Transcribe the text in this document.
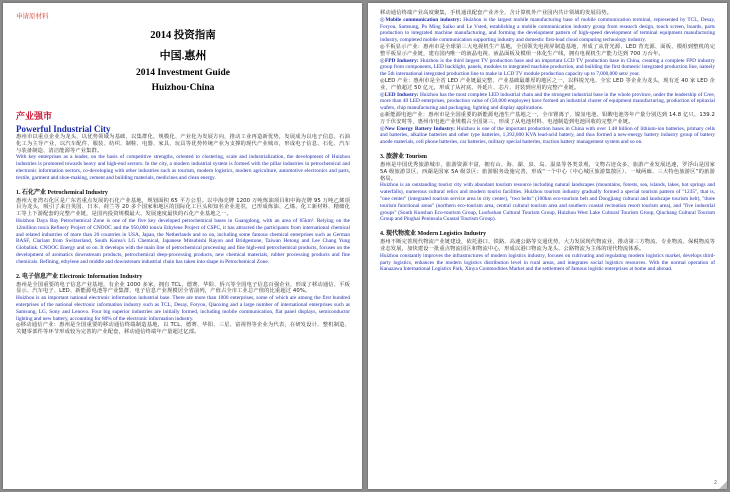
申请原材料
2014 投资指南
中国.惠州
2014 Investment Guide
Huizhou·China
产业强市
Powerful Industrial City

惠州市以重点企业为龙头，以优势领域为基础，以集群化、规模化、产业化为发展方向，推动工业再造新优势，发展成为以电子信息、石油化工为主导产业，以汽车配件、服装、纺织、制鞋、电器、家具、玩具等优势传统产业为支撑的现代产业城市，形成电子信息、石化、汽车与装备制造、清洁能源等产业集群。

With key enterprises as a leader, on the basis of competitive strengths, oriented to clustering, scale and industrialization, the development of Huizhou industries is promoted towards heavy and high-end sectors. In the city, a modern industrial system is formed with the pillar industries in petrochemical and electronic information sectors, co-developing with other industries such as tourism, modern logistics, modern agriculture, automotive electronics and parts, textile, garment and shoe-making, cement and building materials, medicines and clean energy.

1. 石化产业 Petrochemical Industry

惠州大亚湾石化区是广东省重点发展的石化产业基地，规划面积 65 平方公里。以中海壳牌 1200 万吨炼油项目和中海壳牌 95 万吨乙烯项目为龙头，吸引了来自英国、日本、荷兰等 20 多个国家和地区的国际化工巨头和知名企业进驻，已形成炼油、乙烯、化工新材料、精细化工等上下游配套的完整产业链，是国内投资规模最大、发展速度最快的石化产业基地之一。

Huizhou Daya Bay Petrochemical Zone is one of the five key developed petrochemical bases in Guangdong, with an area of 65km². Relying on the 12million ton/a Refinery Project of CNOOC and the 950,000 tons/a Ethylene Project of CSPC, it has attracted the participants from international chemical and related industries of more than 20 countries in USA, Japan, the Netherlands and so on, including some famous chemical enterprises such as German BASF, Clariant from Switzerland, South Korea's LG Chemical, Japanese Mitsubishi Rayon and Bridgestone, Taiwan Hetong and Lee Chang Yung Globalink. CNOOC Energy and so on. It develops with the main line of petrochemical processing and fine high-end petrochemical products, focuses on the development of aromatics downstream products, petrochemical deep-processing products, new chemical materials, rubber processing products and fine chemicals. Refining, ethylene and middle and downstream industrial chain has taken into shape in Petrochemical Zone.

2. 电子信息产业 Electronic Information Industry

惠州是全国重要的电子信息产业基地，有企业 1000 多家，拥有 TCL、德赛、华阳、侨兴等全国电子信息百强企业，形成了移动通信、平板显示、汽车电子、LED、新能源电池等产业集群，电子信息产业规模居全省前列，产值占全市工业总产值的比重超过 40%。

Huizhou is an important national electronic information industrial base. There are more than 1000 enterprises, some of which are among the first hundred enterprises of the national electronic information industry such as TCL, Desay, Foryou, Qiaoxing and a large number of international enterprises such as Samsung, LG, Sony and Lenovo. Four big superior industries are initially formed, including mobile communication, flat panel displays, semiconductor lighting and new battery, accounting for 80% of the electronic information industry.

◎移动通信产业：惠州是全国重要的移动通信终端制造基地，以 TCL、德赛、华阳、三星、富视得等企业为代表，在研发设计、整机制造、关键零部件等环节形成较为完善的产业配套，移动通信终端年产量超过亿部。

移动通信终端产业高度聚集，手机通讯配套产业齐全，含计算机外产业园内共计领域的发展局势。

◎Mobile communication industry: Huizhou is the largest mobile manufacturing base of mobile communication terminal, represented by TCL, Desay, Foryou, Samsung, Po Ming Saiko and Le Vsted, establishing a mobile communication industry group from research design, touch screen, boards, parts production to integrated machine manufacturing, and forming the development pattern of high-speed development of terminal equipment manufacturing industry, completed mobile communication supporting industry and domestic first-lead cloud computing technology industry.

◎平板显示产业：惠州市是全球第三大电视机生产基地，全国领先电视屏制造基地，形成了从背光源、LED 背光源、面板、模组到整机的完整平板显示产业链，建有国内唯一的液晶电视、液晶面板及模组一体化生产线，拥有电视机生产能力达到 700 万台年。

◎FPD Industry: Huizhou is the third largest TV production base and an important LCD TV production base in China, creating a complete FPD industry group from components, LED backlight, panels, modules to integrated machine production, and building the first domestic integrated production line, namely the 5th international integrated production line to make in LCD TV module production capacity up to 7,000,000 sets/ year.

◎LED 产业：惠州市是全省 LED 产业链最完整、产业基础最雄厚的地区之一，以科锐光电、全宏 LED 等企业为龙头，现有近 40 家 LED 企业，产值超过 50 亿元，形成了从衬底、外延片、芯片、封装到应用的完整产业链。

◎LED Industry: Huizhou has the most complete LED industrial chain and the strongest industrial base in the whole province, under the leadership of Cree, more than 40 LED enterprises, production value of (50,000 employee) have formed an industrial cluster of equipment manufacturing, production of epitaxial wafers, chip manufacturing and packaging, lighting and display applications.

◎新能源电池产业：惠州市是全国重要的新能源电池生产基地之一，全市锂离子、镍氢电池、铅酸电池等年产量分别达到 14.8 亿只、139.2 万千伏安时等，惠州市电池产业规模占全国第三，形成了从电池材料、电池制造到电池回收的完整产业链。

◎New Energy Battery Industry: Huizhou is one of the important production bases in China with over 1.48 billion of lithium-ion batteries, primary cells and batteries, alkaline batteries and other type batteries, 1,392,000 KVA lead-acid battery, and thus formed a new-energy battery industry group of battery anode materials, cell phone batteries, car batteries, military special batteries, traction battery management system and so on.

3. 旅游业 Tourism

惠州是中国优秀旅游城市，旅游资源丰富，拥有山、海、湖、泉、岛、温泉等各类景观，文物古迹众多，旅游产业发展迅速，罗浮山是国家 5A 级旅游景区，西湖是国家 5A 级景区；旅游服务设施完善，形成“一个中心（中心城区旅游集散区）、一城两廊、三大特色旅游区”的旅游格局。

Huizhou is an outstanding tourist city with abundant tourism resource including natural landscapes (mountains, forests, sea, islands, lakes, hot springs and waterfalls), numerous cultural relics and modern tourist facilities. Huizhou tourism industry gradually formed a special tourism pattern of "1235", that is, "one center" (integrated tourism service area in city center), "two belts" (100km eco-tourism belt and Dongjiang cultural and landscape tourism belt), "three tourism functional areas" (northern eco-tourism area, central cultural tourism area and southern coastal recreation resort tourism area), and "five industrial groups" (South Kunshan Eco-tourism Group, Luofushan Cultural Tourism Group, Huizhou West Lake Cultural Tourism Group, Qiuchang Cultural Tourism Group and Pinghai Peninsula Coastal Tourism Group).

4. 现代物流业 Modern Logistics Industry

惠州不断完善现代物流产业链建设，依托港口、铁路、高速公路等交通优势，大力发展现代物流业，推动第三方物流、专业物流、保税物流等业态发展，加快建设一批重点物流园区和物流中心，形成以港口物流为龙头、公路物流为主体的现代物流体系。

Huizhou constantly improves the infrastructures of modern logistics industry, focuses on cultivating and regulating modern logistics market, develops third-party logistics, enhances the modern logistics distribution level in rural areas, and integrates social logistics resources. With the normal operation of Kanazawa International Logistics Park, Xinya Commodities Market and the settlement of famous logistic enterprises at home and abroad.

2
